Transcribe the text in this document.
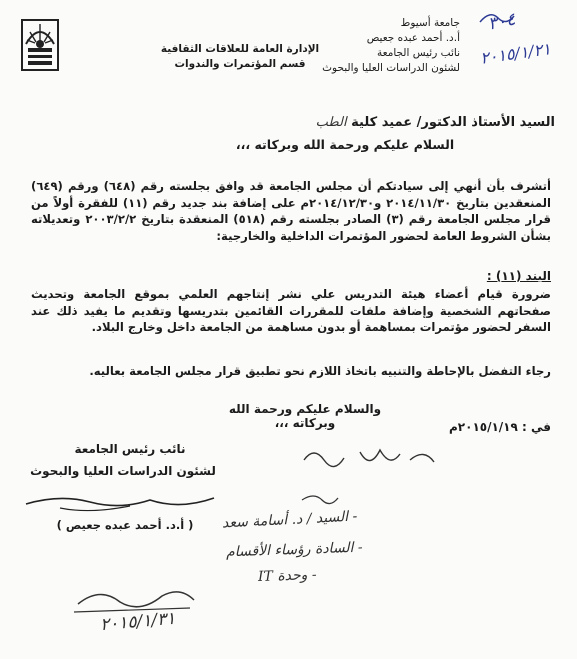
الإدارة العامة للعلاقات الثقافية
قسم المؤتمرات والندوات
جامعة أسيوط
أ.د. أحمد عبده جعيص
نائب رئيس الجامعة
لشئون الدراسات العليا والبحوث
٣٠٤
٢٠١٥/١/٢١
السيد الأستاذ الدكتور/ عميد كلية الطب
السلام عليكم ورحمة الله وبركاته ،،،
أتشرف بأن أنهي إلى سيادتكم أن مجلس الجامعة قد وافق بجلسته رقم (٦٤٨) ورقم (٦٤٩) المنعقدين بتاريخ ٢٠١٤/١١/٣٠ و٢٠١٤/١٢/٣٠م على إضافة بند جديد رقم (١١) للفقرة أولاً من قرار مجلس الجامعة رقم (٣) الصادر بجلسته رقم (٥١٨) المنعقدة بتاريخ ٢٠٠٣/٢/٢ وتعديلاته بشأن الشروط العامة لحضور المؤتمرات الداخلية والخارجية:
البند (١١) :
ضرورة قيام أعضاء هيئة التدريس علي نشر إنتاجهم العلمي بموقع الجامعة وتحديث صفحاتهم الشخصية وإضافة ملفات للمقررات القائمين بتدريسها وتقديم ما يفيد ذلك عند السفر لحضور مؤتمرات بمساهمة أو بدون مساهمة من الجامعة داخل وخارج البلاد.
رجاء التفضل بالإحاطة والتنبيه باتخاذ اللازم نحو تطبيق قرار مجلس الجامعة بعاليه.
والسلام عليكم ورحمة الله وبركاته ،،،	في : ٢٠١٥/١/١٩م
نائب رئيس الجامعة
لشئون الدراسات العليا والبحوث
( أ.د. أحمد عبده جعيص )	- السيد / د. أسامة سعد
- السادة رؤساء الأقسام
- وحدة IT
٢٠١٥/١/٣١
